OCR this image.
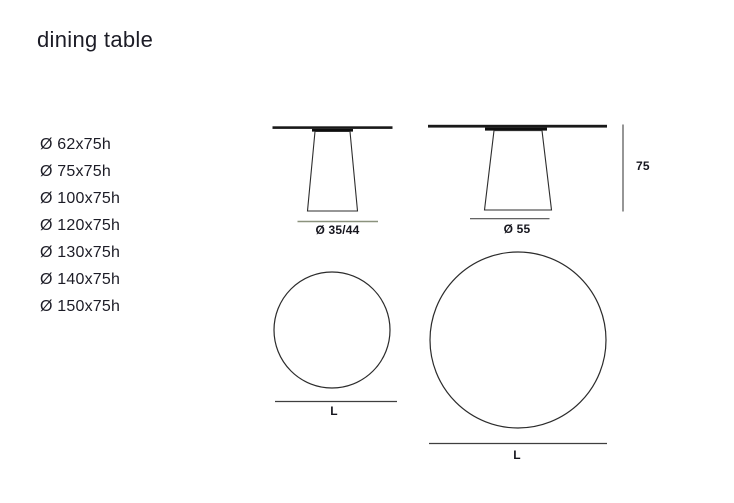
dining table
Ø 62x75h
Ø 75x75h
Ø 100x75h
Ø 120x75h
Ø 130x75h
Ø 140x75h
Ø 150x75h
Ø 35/44	Ø 55
75
L
L
